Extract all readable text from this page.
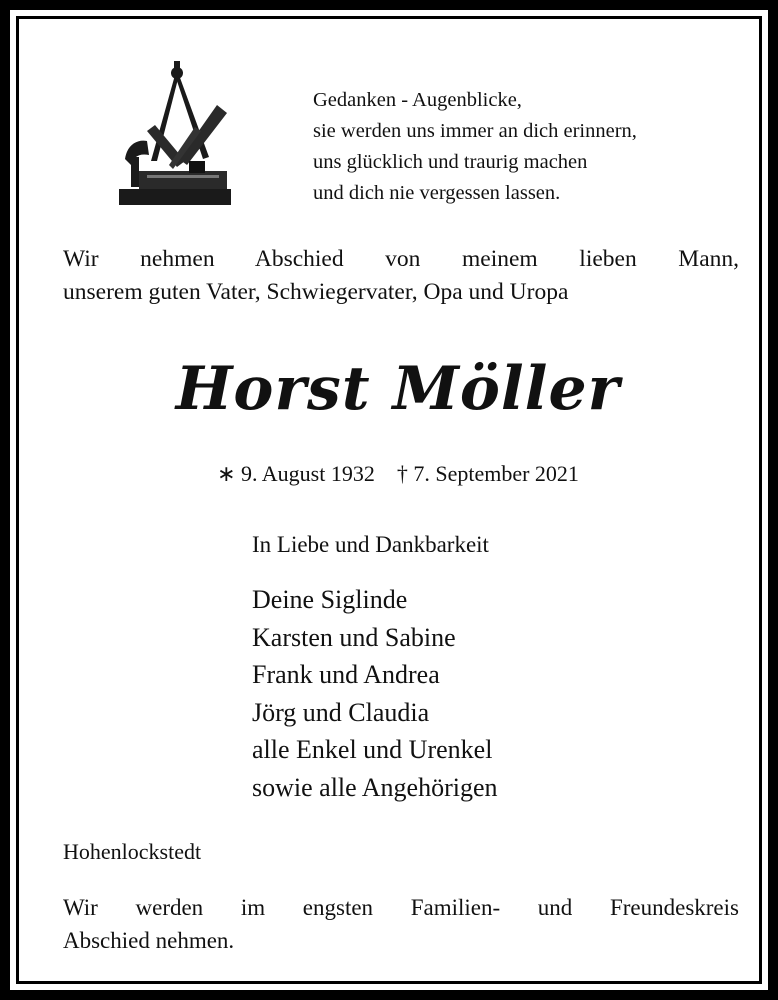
Gedanken - Augenblicke,
sie werden uns immer an dich erinnern,
uns glücklich und traurig machen
und dich nie vergessen lassen.
Wir nehmen Abschied von meinem lieben Mann,
unserem guten Vater, Schwiegervater, Opa und Uropa
Horst Möller
∗ 9. August 1932    † 7. September 2021
In Liebe und Dankbarkeit
Deine Siglinde
Karsten und Sabine
Frank und Andrea
Jörg und Claudia
alle Enkel und Urenkel
sowie alle Angehörigen
Hohenlockstedt
Wir werden im engsten Familien- und Freundeskreis
Abschied nehmen.
